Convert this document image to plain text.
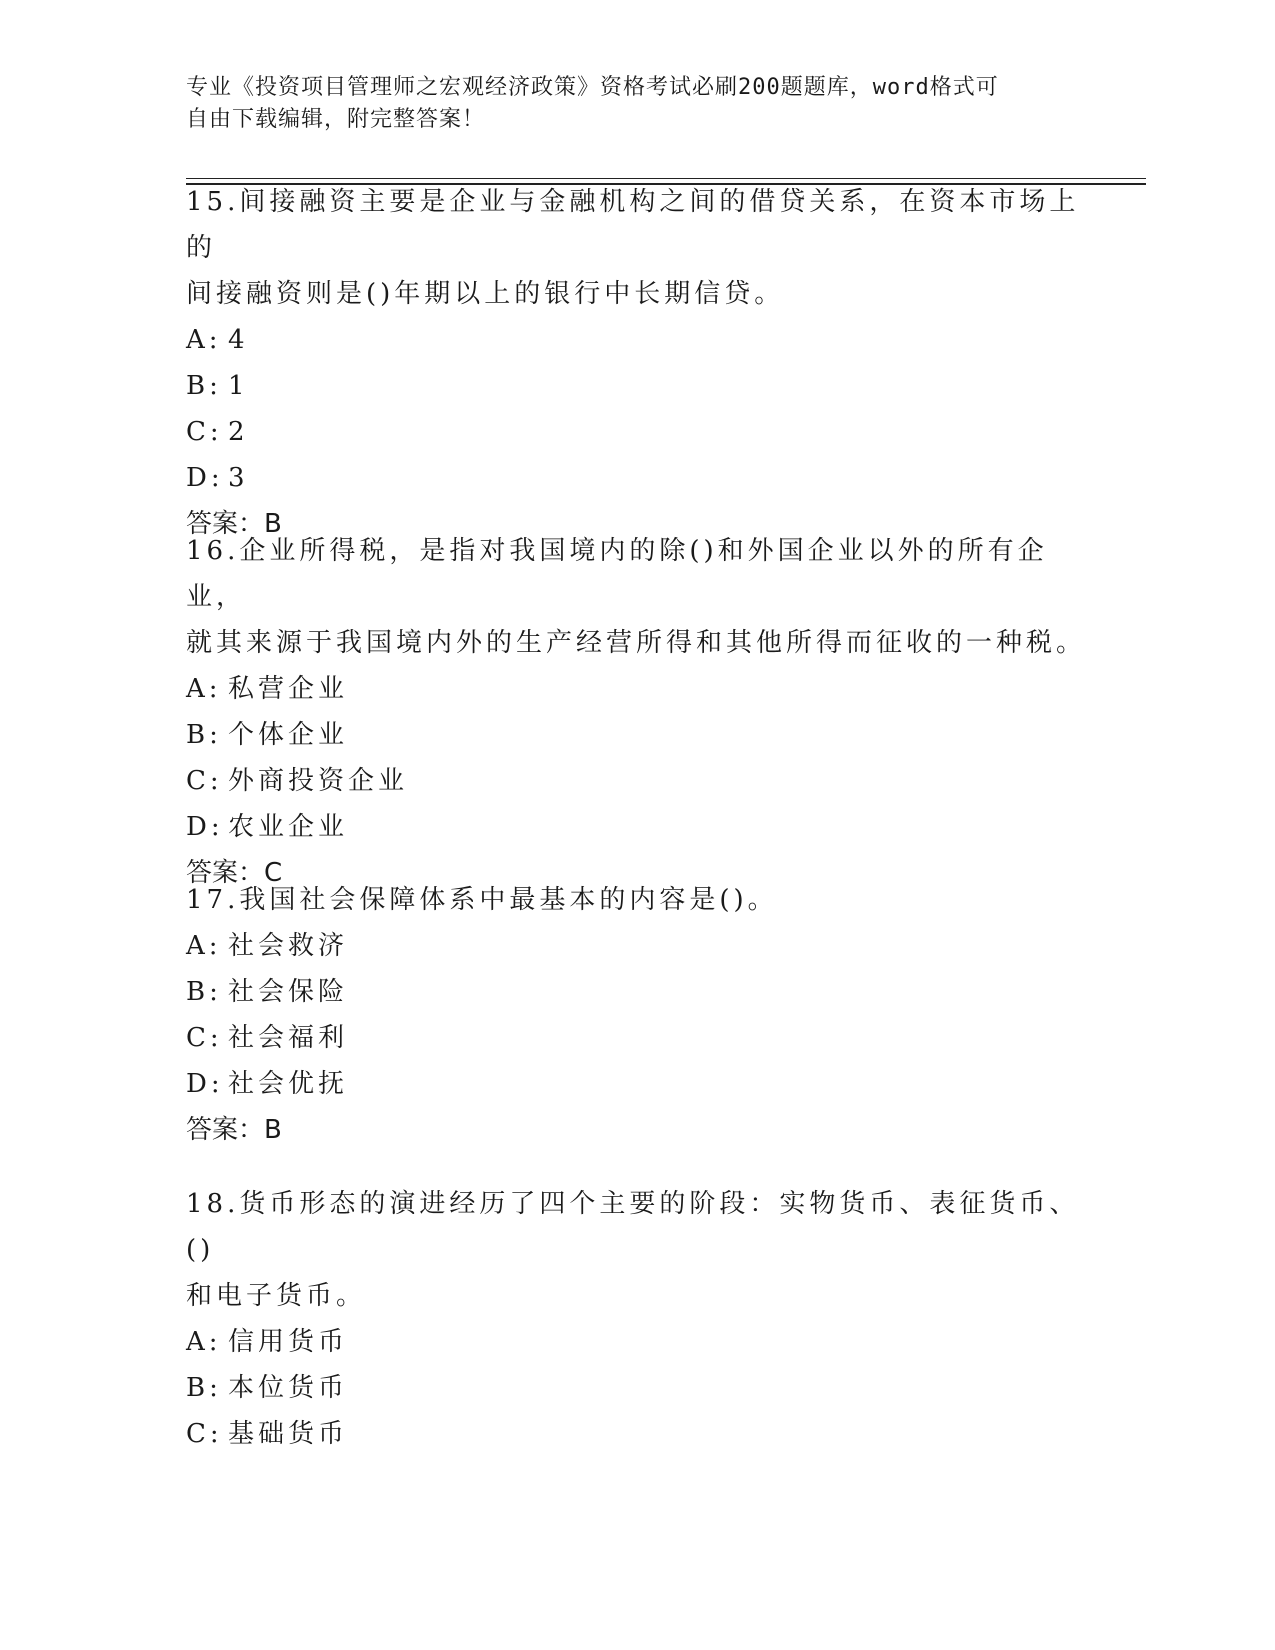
专业《投资项目管理师之宏观经济政策》资格考试必刷200题题库，word格式可
自由下载编辑，附完整答案！

15.间接融资主要是企业与金融机构之间的借贷关系，在资本市场上的
间接融资则是()年期以上的银行中长期信贷。

A: 4
B: 1
C: 2
D: 3

答案：B

16.企业所得税，是指对我国境内的除()和外国企业以外的所有企业，
就其来源于我国境内外的生产经营所得和其他所得而征收的一种税。

A: 私营企业
B: 个体企业
C: 外商投资企业
D: 农业企业

答案：C

17.我国社会保障体系中最基本的内容是()。

A: 社会救济
B: 社会保险
C: 社会福利
D: 社会优抚

答案：B

18.货币形态的演进经历了四个主要的阶段：实物货币、表征货币、()
和电子货币。

A: 信用货币
B: 本位货币
C: 基础货币
